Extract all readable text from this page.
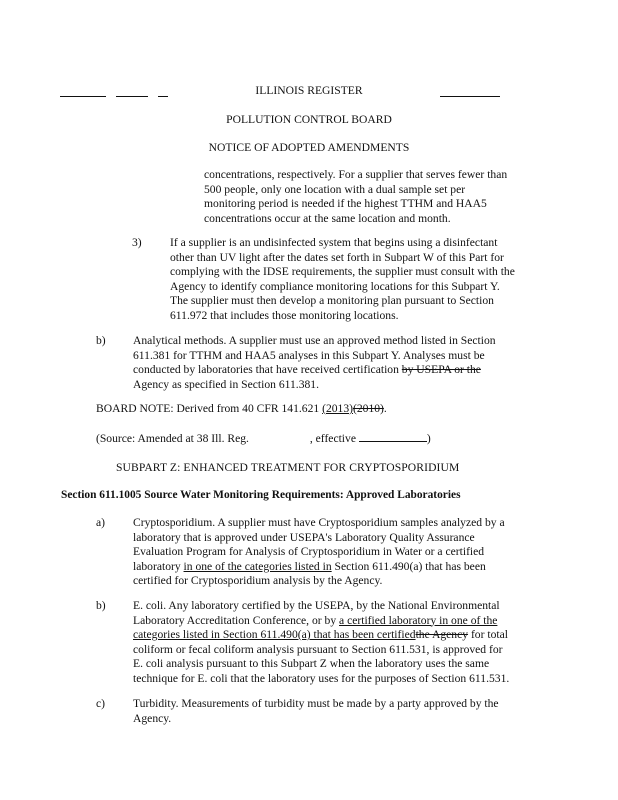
ILLINOIS REGISTER
POLLUTION CONTROL BOARD
NOTICE OF ADOPTED AMENDMENTS
concentrations, respectively. For a supplier that serves fewer than
500 people, only one location with a dual sample set per
monitoring period is needed if the highest TTHM and HAA5
concentrations occur at the same location and month.
3) If a supplier is an undisinfected system that begins using a disinfectant
other than UV light after the dates set forth in Subpart W of this Part for
complying with the IDSE requirements, the supplier must consult with the
Agency to identify compliance monitoring locations for this Subpart Y.
The supplier must then develop a monitoring plan pursuant to Section
611.972 that includes those monitoring locations.
b) Analytical methods. A supplier must use an approved method listed in Section
611.381 for TTHM and HAA5 analyses in this Subpart Y. Analyses must be
conducted by laboratories that have received certification by USEPA or the
Agency as specified in Section 611.381.
BOARD NOTE: Derived from 40 CFR 141.621 (2013)(2010).
(Source: Amended at 38 Ill. Reg.	, effective	)
SUBPART Z: ENHANCED TREATMENT FOR CRYPTOSPORIDIUM
Section 611.1005 Source Water Monitoring Requirements: Approved Laboratories
a) Cryptosporidium. A supplier must have Cryptosporidium samples analyzed by a
laboratory that is approved under USEPA's Laboratory Quality Assurance
Evaluation Program for Analysis of Cryptosporidium in Water or a certified
laboratory in one of the categories listed in Section 611.490(a) that has been
certified for Cryptosporidium analysis by the Agency.
b) E. coli. Any laboratory certified by the USEPA, by the National Environmental
Laboratory Accreditation Conference, or by a certified laboratory in one of the
categories listed in Section 611.490(a) that has been certifiedthe Agency for total
coliform or fecal coliform analysis pursuant to Section 611.531, is approved for
E. coli analysis pursuant to this Subpart Z when the laboratory uses the same
technique for E. coli that the laboratory uses for the purposes of Section 611.531.
c) Turbidity. Measurements of turbidity must be made by a party approved by the
Agency.
